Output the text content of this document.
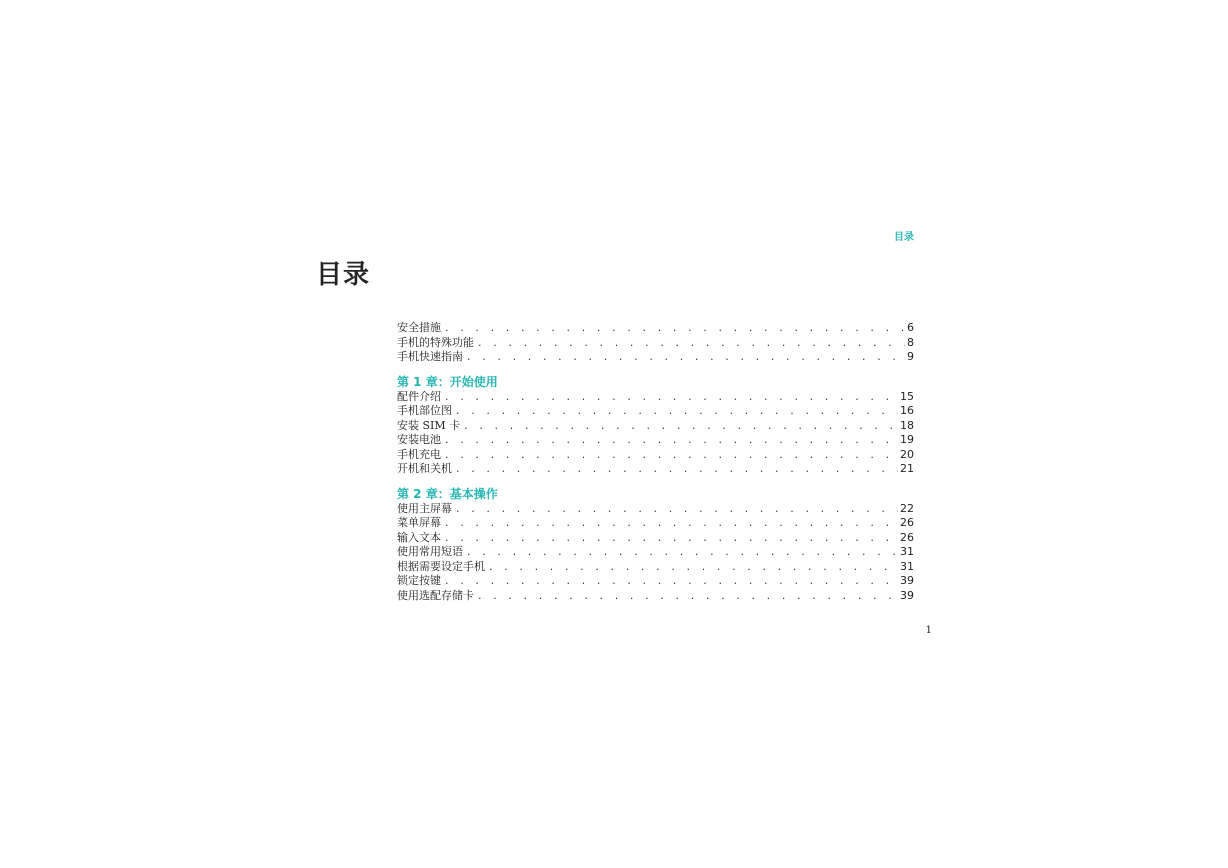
目录
目录
安全措施 . . .	6
手机的特殊功能 . . .	8
手机快速指南 . . .	9
第 1 章：开始使用
配件介绍 . . .	15
手机部位图 . . .	16
安装 SIM 卡 . . .	18
安装电池 . . .	19
手机充电 . . .	20
开机和关机 . . .	21
第 2 章：基本操作
使用主屏幕 . . .	22
菜单屏幕 . . .	26
输入文本 . . .	26
使用常用短语 . . .	31
根据需要设定手机 . . .	31
锁定按键 . . .	39
使用选配存储卡 . . .	39
1
